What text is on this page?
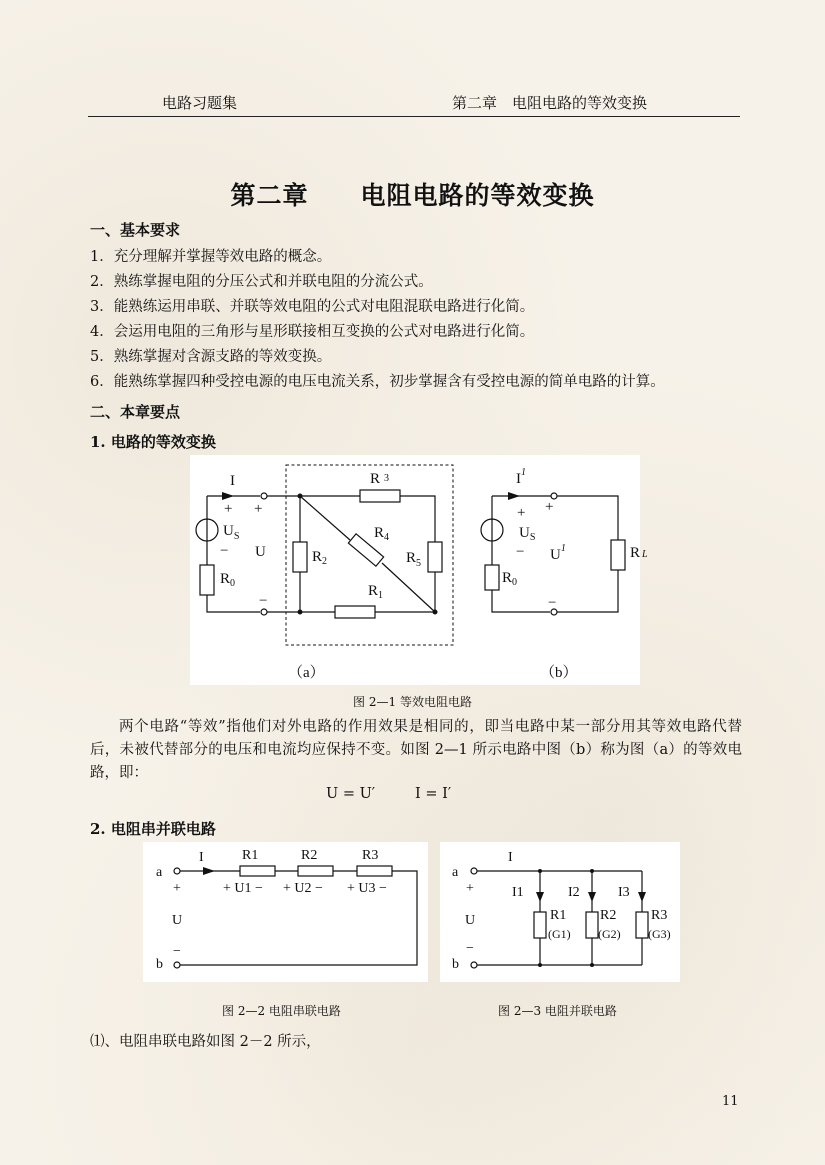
电路习题集	第二章　电阻电路的等效变换
第二章　　电阻电路的等效变换
一、基本要求
1．充分理解并掌握等效电路的概念。
2．熟练掌握电阻的分压公式和并联电阻的分流公式。
3．能熟练运用串联、并联等效电阻的公式对电阻混联电路进行化简。
4．会运用电阻的三角形与星形联接相互变换的公式对电路进行化简。
5．熟练掌握对含源支路的等效变换。
6．能熟练掌握四种受控电源的电压电流关系，初步掌握含有受控电源的简单电路的计算。
二、本章要点
1. 电路的等效变换
I
+ +
$U_S$
− U
$R_0$
−
R 3
$R_4$
$R_2$	$R_5$
$R_1$
$I^1$
+
+
$U_S$
− $U^1$
$R_0$
−
R L
（a）	（b）
图 2—1 等效电阻电路
两个电路“等效”指他们对外电路的作用效果是相同的，即当电路中某一部分用其等效电路代替后，未被代替部分的电压和电流均应保持不变。如图 2—1 所示电路中图（b）称为图（a）的等效电路，即：
U = U′	I = I′
2. 电阻串并联电路
a
b
I
+
U
−
R1	R2	R3
+ U1 − + U2 − + U3 −
a
b
I
+
U
−
I1	I2	I3
R1 R2 R3
(G1) (G2) (G3)
图 2—2 电阻串联电路	图 2—3 电阻并联电路
⑴、电阻串联电路如图 2－2 所示，
11
